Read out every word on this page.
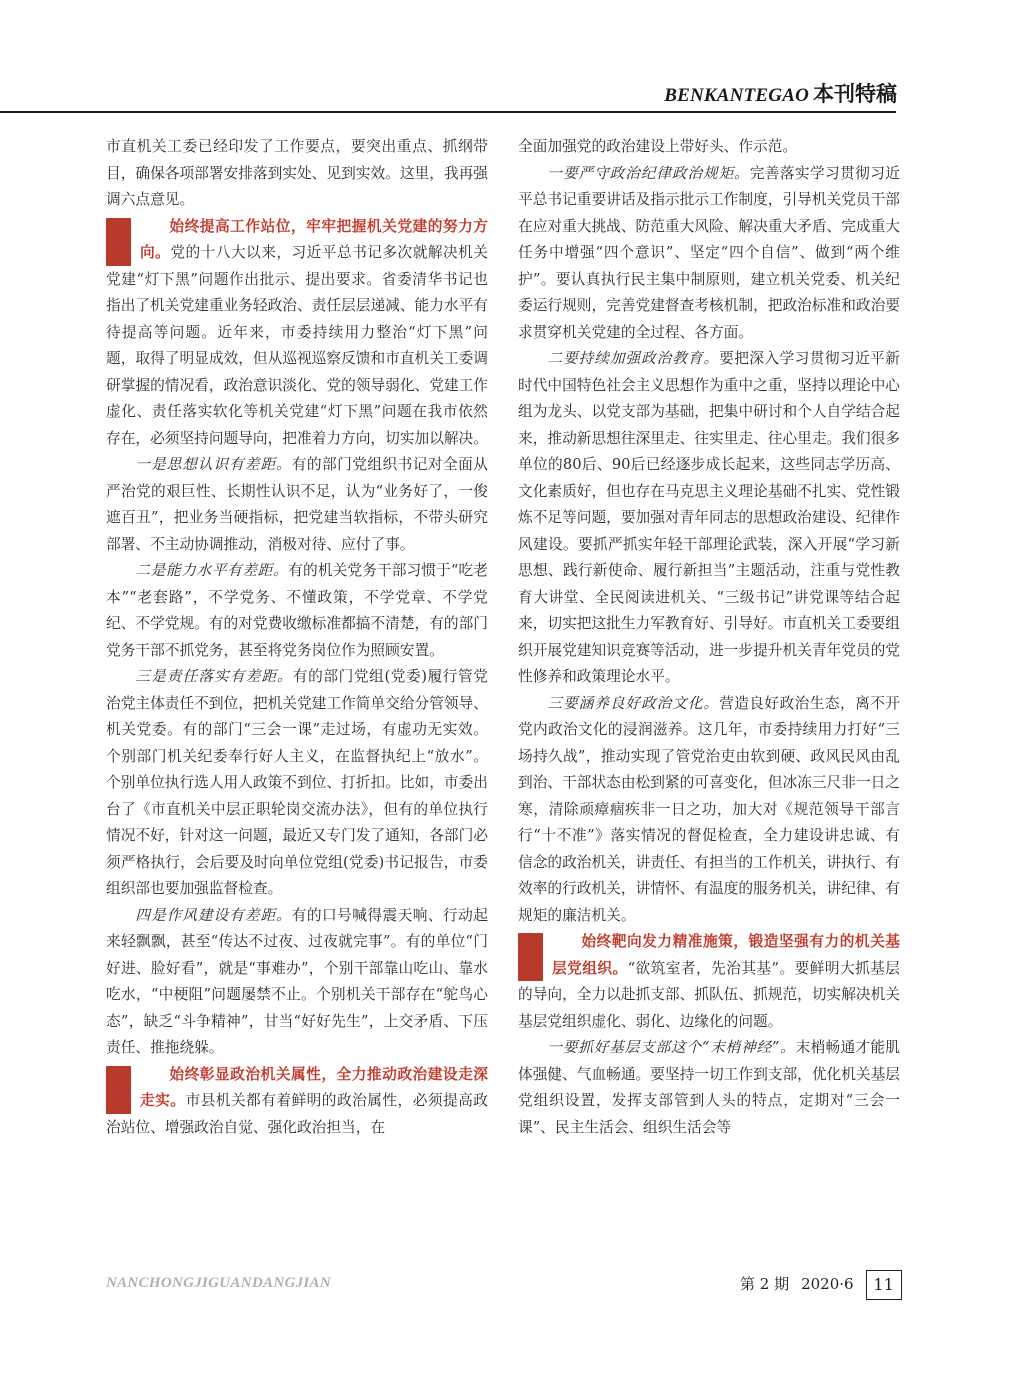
BENKANTEGAO 本刊特稿

市直机关工委已经印发了工作要点，要突出重点、抓纲带目，确保各项部署安排落到实处、见到实效。这里，我再强调六点意见。

1
始终提高工作站位，牢牢把握机关党建的努力方向。党的十八大以来，习近平总书记多次就解决机关党建“灯下黑”问题作出批示、提出要求。省委清华书记也指出了机关党建重业务轻政治、责任层层递减、能力水平有待提高等问题。近年来，市委持续用力整治“灯下黑”问题，取得了明显成效，但从巡视巡察反馈和市直机关工委调研掌握的情况看，政治意识淡化、党的领导弱化、党建工作虚化、责任落实软化等机关党建“灯下黑”问题在我市依然存在，必须坚持问题导向，把准着力方向，切实加以解决。

一是思想认识有差距。有的部门党组织书记对全面从严治党的艰巨性、长期性认识不足，认为“业务好了，一俊遮百丑”，把业务当硬指标，把党建当软指标，不带头研究部署、不主动协调推动，消极对待、应付了事。

二是能力水平有差距。有的机关党务干部习惯于“吃老本”“老套路”，不学党务、不懂政策，不学党章、不学党纪、不学党规。有的对党费收缴标准都搞不清楚，有的部门党务干部不抓党务，甚至将党务岗位作为照顾安置。

三是责任落实有差距。有的部门党组(党委)履行管党治党主体责任不到位，把机关党建工作简单交给分管领导、机关党委。有的部门“三会一课”走过场，有虚功无实效。个别部门机关纪委奉行好人主义，在监督执纪上“放水”。个别单位执行选人用人政策不到位、打折扣。比如，市委出台了《市直机关中层正职轮岗交流办法》，但有的单位执行情况不好，针对这一问题，最近又专门发了通知，各部门必须严格执行，会后要及时向单位党组(党委)书记报告，市委组织部也要加强监督检查。

四是作风建设有差距。有的口号喊得震天响、行动起来轻飘飘，甚至“传达不过夜、过夜就完事”。有的单位“门好进、脸好看”，就是“事难办”，个别干部靠山吃山、靠水吃水，“中梗阻”问题屡禁不止。个别机关干部存在“鸵鸟心态”，缺乏“斗争精神”，甘当“好好先生”，上交矛盾、下压责任、推拖绕躲。

2
始终彰显政治机关属性，全力推动政治建设走深走实。市县机关都有着鲜明的政治属性，必须提高政治站位、增强政治自觉、强化政治担当，在

全面加强党的政治建设上带好头、作示范。

一要严守政治纪律政治规矩。完善落实学习贯彻习近平总书记重要讲话及指示批示工作制度，引导机关党员干部在应对重大挑战、防范重大风险、解决重大矛盾、完成重大任务中增强“四个意识”、坚定“四个自信”、做到“两个维护”。要认真执行民主集中制原则，建立机关党委、机关纪委运行规则，完善党建督查考核机制，把政治标准和政治要求贯穿机关党建的全过程、各方面。

二要持续加强政治教育。要把深入学习贯彻习近平新时代中国特色社会主义思想作为重中之重，坚持以理论中心组为龙头、以党支部为基础，把集中研讨和个人自学结合起来，推动新思想往深里走、往实里走、往心里走。我们很多单位的80后、90后已经逐步成长起来，这些同志学历高、文化素质好，但也存在马克思主义理论基础不扎实、党性锻炼不足等问题，要加强对青年同志的思想政治建设、纪律作风建设。要抓严抓实年轻干部理论武装，深入开展“学习新思想、践行新使命、履行新担当”主题活动，注重与党性教育大讲堂、全民阅读进机关、“三级书记”讲党课等结合起来，切实把这批生力军教育好、引导好。市直机关工委要组织开展党建知识竞赛等活动，进一步提升机关青年党员的党性修养和政策理论水平。

三要涵养良好政治文化。营造良好政治生态，离不开党内政治文化的浸润滋养。这几年，市委持续用力打好“三场持久战”，推动实现了管党治吏由软到硬、政风民风由乱到治、干部状态由松到紧的可喜变化，但冰冻三尺非一日之寒，清除顽瘴痼疾非一日之功，加大对《规范领导干部言行“十不准”》落实情况的督促检查，全力建设讲忠诚、有信念的政治机关，讲责任、有担当的工作机关，讲执行、有效率的行政机关，讲情怀、有温度的服务机关，讲纪律、有规矩的廉洁机关。

3
始终靶向发力精准施策，锻造坚强有力的机关基层党组织。“欲筑室者，先治其基”。要鲜明大抓基层的导向，全力以赴抓支部、抓队伍、抓规范，切实解决机关基层党组织虚化、弱化、边缘化的问题。

一要抓好基层支部这个“末梢神经”。末梢畅通才能肌体强健、气血畅通。要坚持一切工作到支部，优化机关基层党组织设置，发挥支部管到人头的特点，定期对“三会一课”、民主生活会、组织生活会等

NANCHONGJIGUANDANGJIAN	第 2 期 2020·6 11
